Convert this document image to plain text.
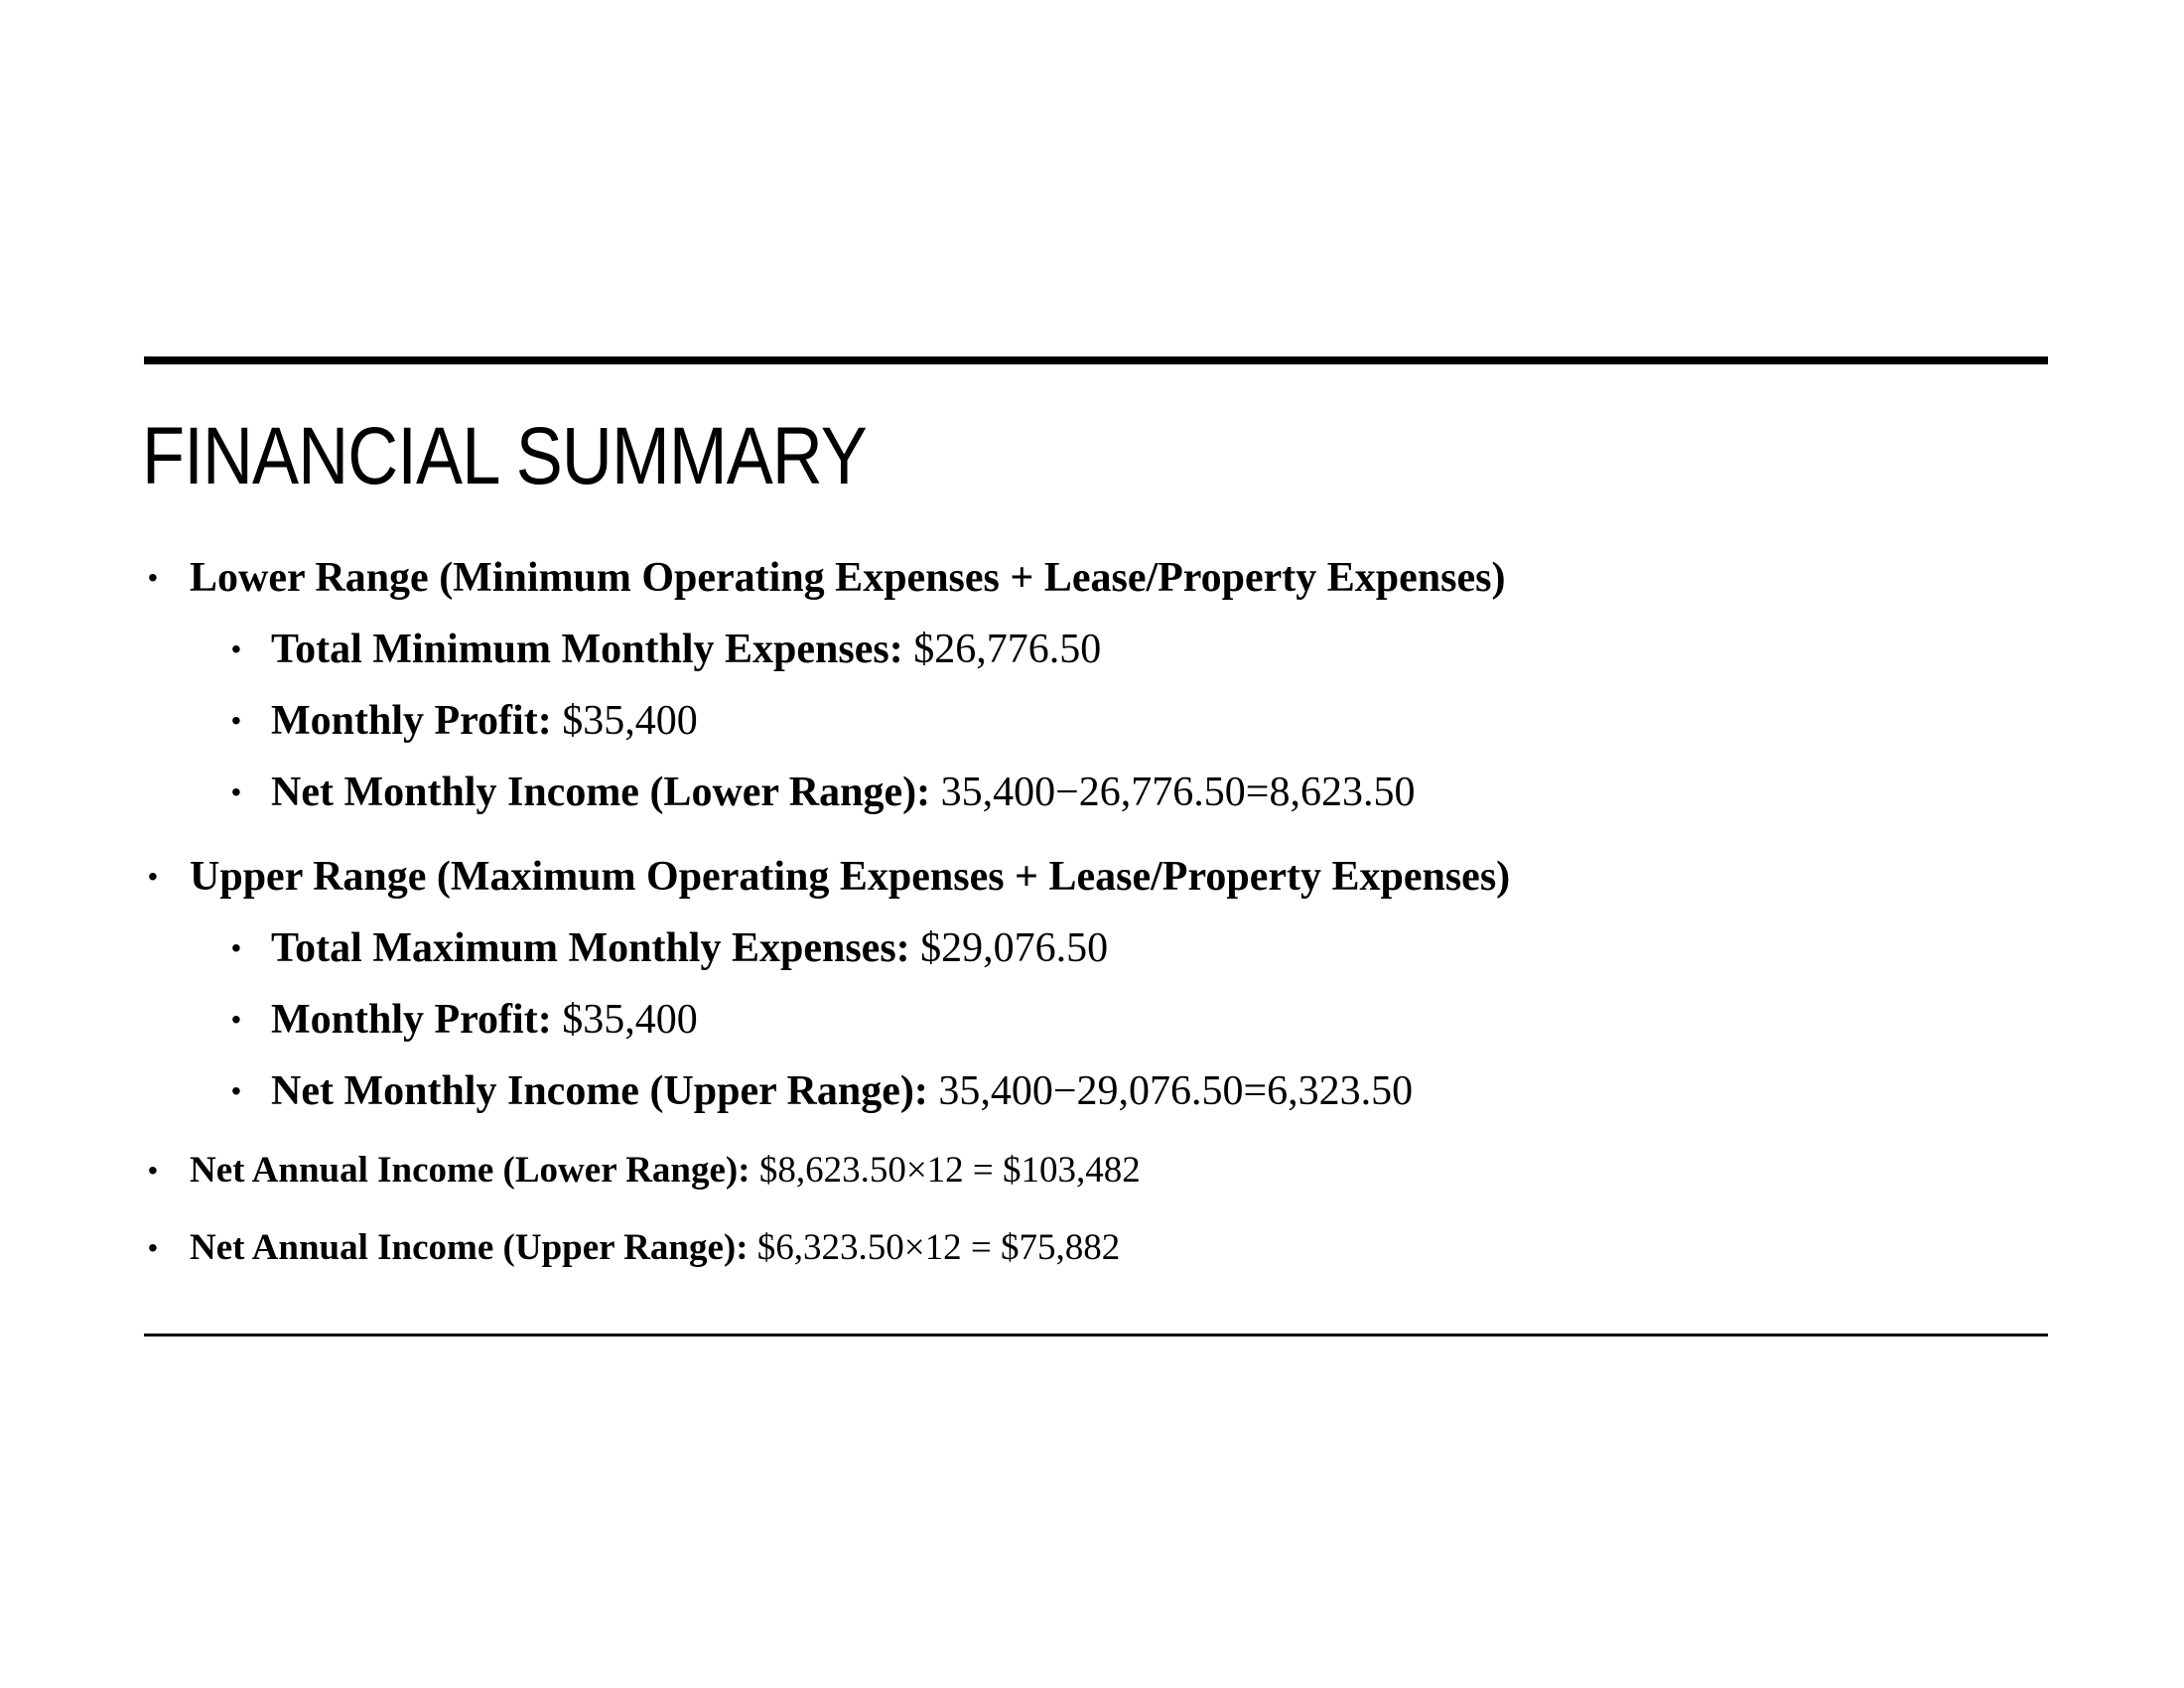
FINANCIAL SUMMARY
• Lower Range (Minimum Operating Expenses + Lease/Property Expenses)
• Total Minimum Monthly Expenses: $26,776.50
• Monthly Profit: $35,400
• Net Monthly Income (Lower Range): 35,400−26,776.50=8,623.50
• Upper Range (Maximum Operating Expenses + Lease/Property Expenses)
• Total Maximum Monthly Expenses: $29,076.50
• Monthly Profit: $35,400
• Net Monthly Income (Upper Range): 35,400−29,076.50=6,323.50
• Net Annual Income (Lower Range): $8,623.50×12 = $103,482
• Net Annual Income (Upper Range): $6,323.50×12 = $75,882
